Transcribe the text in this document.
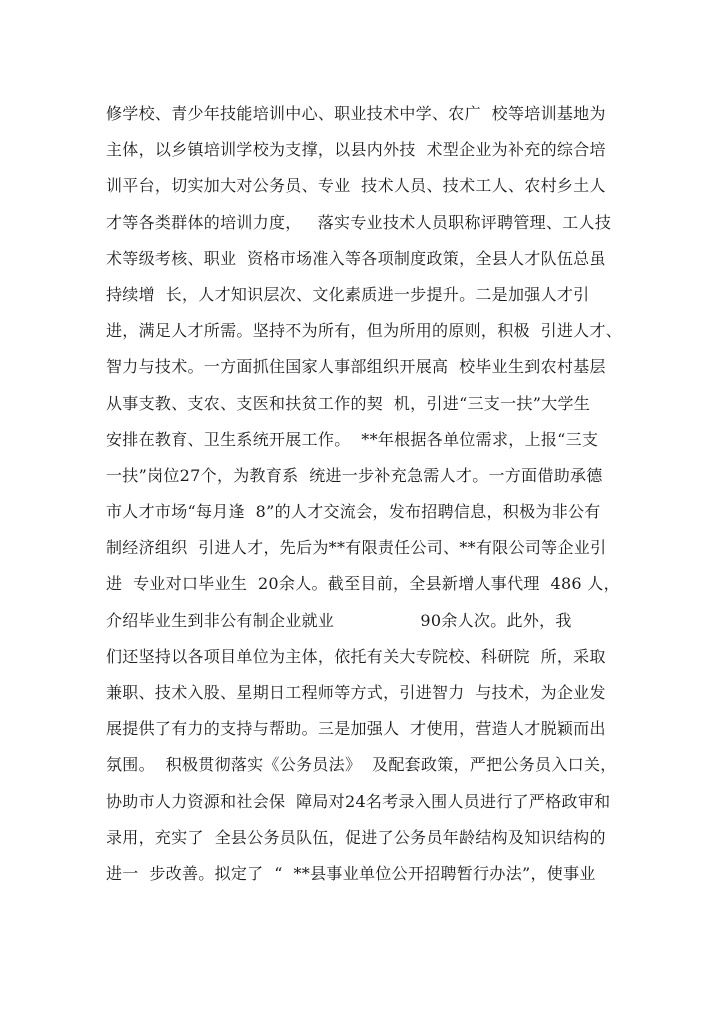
修学校、青少年技能培训中心、职业技术中学、农广  校等培训基地为
主体，以乡镇培训学校为支撑，以县内外技  术型企业为补充的综合培
训平台，切实加大对公务员、专业  技术人员、技术工人、农村乡土人
才等各类群体的培训力度，   落实专业技术人员职称评聘管理、工人技
术等级考核、职业  资格市场准入等各项制度政策，全县人才队伍总虽
持续增  长，人才知识层次、文化素质进一步提升。二是加强人才引
进，满足人才所需。坚持不为所有，但为所用的原则，积极  引进人才、
智力与技术。一方面抓住国家人事部组织开展高  校毕业生到农村基层
从事支教、支农、支医和扶贫工作的契  机，引进“三支一扶”大学生
安排在教育、卫生系统开展工作。  **年根据各单位需求，上报“三支
一扶”岗位27个，为教育系  统进一步补充急需人才。一方面借助承德
市人才市场“每月逢  8”的人才交流会，发布招聘信息，积极为非公有
制经济组织  引进人才，先后为**有限责任公司、**有限公司等企业引
进  专业对口毕业生  20余人。截至目前，全县新增人事代理  486 人，
介绍毕业生到非公有制企业就业                90余人次。此外，我
们还坚持以各项目单位为主体，依托有关大专院校、科研院  所，采取
兼职、技术入股、星期日工程师等方式，引进智力  与技术，为企业发
展提供了有力的支持与帮助。三是加强人  才使用，营造人才脱颖而出
氛围。  积极贯彻落实《公务员法》  及配套政策，严把公务员入口关，
协助市人力资源和社会保  障局对24名考录入围人员进行了严格政审和
录用，充实了  全县公务员队伍，促进了公务员年龄结构及知识结构的
进一  步改善。拟定了  “  **县事业单位公开招聘暂行办法”，使事业
